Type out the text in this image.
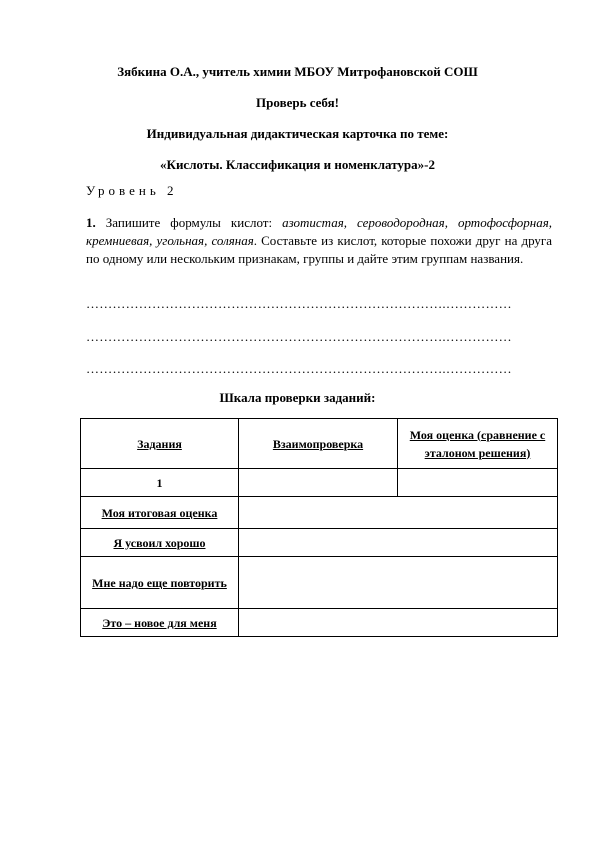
Зябкина О.А., учитель химии МБОУ Митрофановской СОШ
Проверь себя!
Индивидуальная дидактическая карточка по теме:
«Кислоты. Классификация и номенклатура»-2
Уровень 2
1. Запишите формулы кислот: азотистая, сероводородная, ортофосфорная, кремниевая, угольная, соляная. Составьте из кислот, которые похожи друг на друга по одному или нескольким признакам, группы и дайте этим группам названия.
……………………………………………………………………….……………
……………………………………………………………………….……………
……………………………………………………………………….……………
Шкала проверки заданий:
Задания	Взаимопроверка	Моя оценка (сравнение с эталоном решения)
1		
Моя итоговая оценка		
Я усвоил хорошо		
Мне надо еще повторить		
Это – новое для меня		
